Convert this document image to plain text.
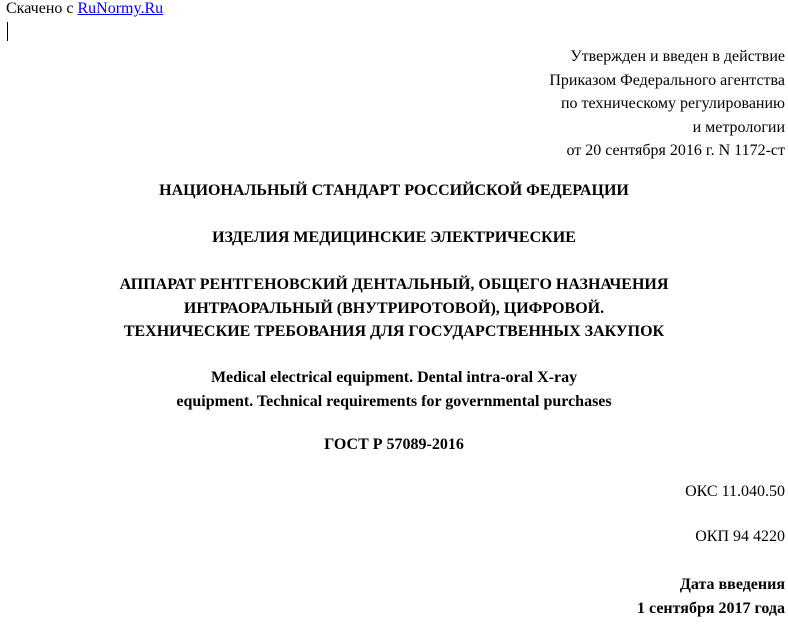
Скачено с RuNormy.Ru
Утвержден и введен в действие
Приказом Федерального агентства
по техническому регулированию
и метрологии
от 20 сентября 2016 г. N 1172-ст
НАЦИОНАЛЬНЫЙ СТАНДАРТ РОССИЙСКОЙ ФЕДЕРАЦИИ
ИЗДЕЛИЯ МЕДИЦИНСКИЕ ЭЛЕКТРИЧЕСКИЕ
АППАРАТ РЕНТГЕНОВСКИЙ ДЕНТАЛЬНЫЙ, ОБЩЕГО НАЗНАЧЕНИЯ
ИНТРАОРАЛЬНЫЙ (ВНУТРИРОТОВОЙ), ЦИФРОВОЙ.
ТЕХНИЧЕСКИЕ ТРЕБОВАНИЯ ДЛЯ ГОСУДАРСТВЕННЫХ ЗАКУПОК
Medical electrical equipment. Dental intra-oral X-ray
equipment. Technical requirements for governmental purchases
ГОСТ Р 57089-2016
ОКС 11.040.50
ОКП 94 4220
Дата введения
1 сентября 2017 года
